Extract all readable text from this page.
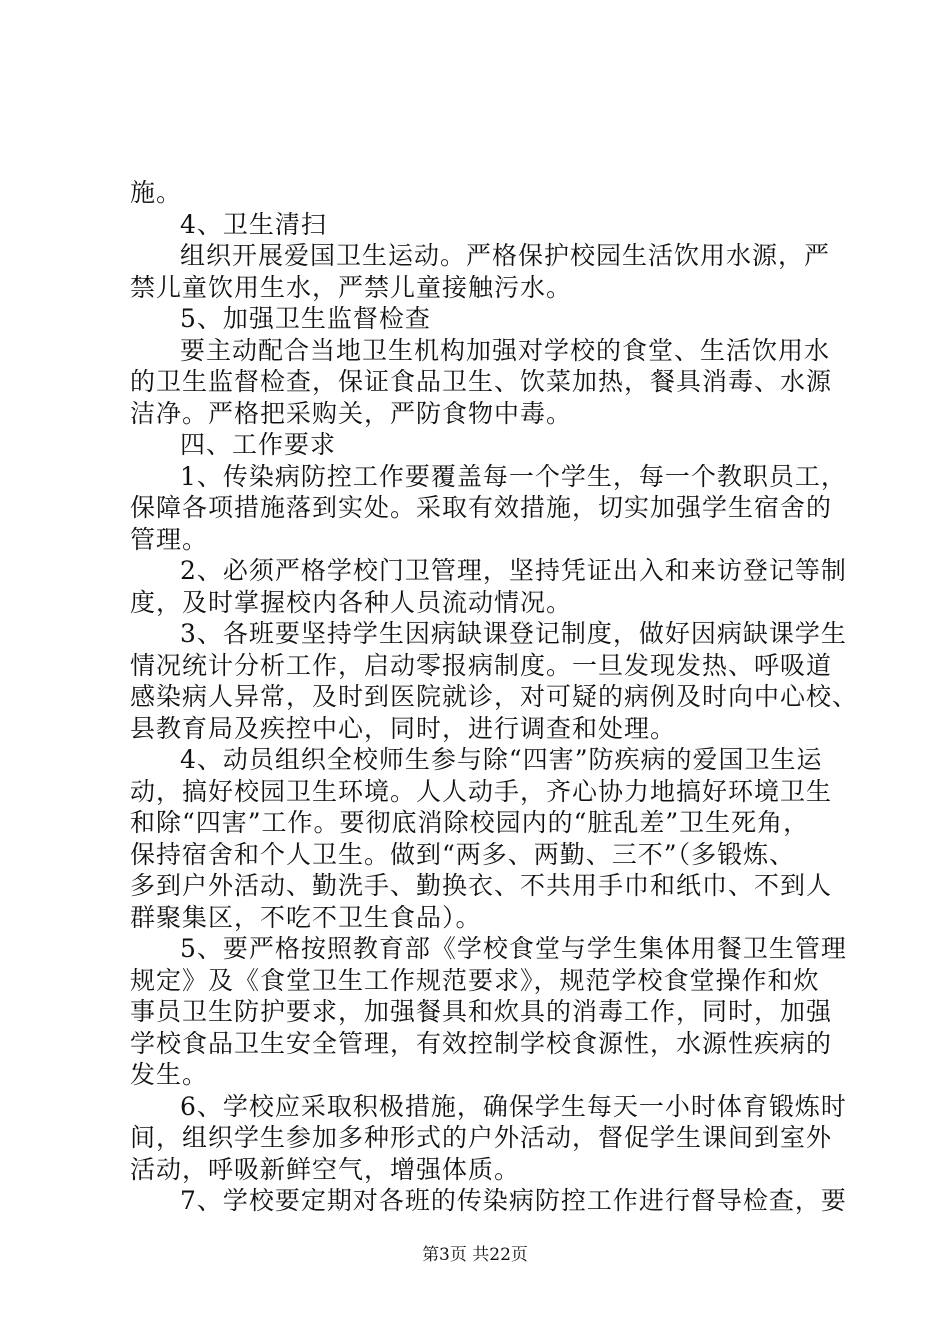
施。
4、卫生清扫
组织开展爱国卫生运动。严格保护校园生活饮用水源，严
禁儿童饮用生水，严禁儿童接触污水。
5、加强卫生监督检查
要主动配合当地卫生机构加强对学校的食堂、生活饮用水
的卫生监督检查，保证食品卫生、饮菜加热，餐具消毒、水源
洁净。严格把采购关，严防食物中毒。
四、工作要求
1、传染病防控工作要覆盖每一个学生，每一个教职员工，
保障各项措施落到实处。采取有效措施，切实加强学生宿舍的
管理。
2、必须严格学校门卫管理，坚持凭证出入和来访登记等制
度，及时掌握校内各种人员流动情况。
3、各班要坚持学生因病缺课登记制度，做好因病缺课学生
情况统计分析工作，启动零报病制度。一旦发现发热、呼吸道
感染病人异常，及时到医院就诊，对可疑的病例及时向中心校、
县教育局及疾控中心，同时，进行调查和处理。
4、动员组织全校师生参与除“四害”防疾病的爱国卫生运
动，搞好校园卫生环境。人人动手，齐心协力地搞好环境卫生
和除“四害”工作。要彻底消除校园内的“脏乱差”卫生死角，
保持宿舍和个人卫生。做到“两多、两勤、三不”（多锻炼、
多到户外活动、勤洗手、勤换衣、不共用手巾和纸巾、不到人
群聚集区，不吃不卫生食品）。
5、要严格按照教育部《学校食堂与学生集体用餐卫生管理
规定》及《食堂卫生工作规范要求》，规范学校食堂操作和炊
事员卫生防护要求，加强餐具和炊具的消毒工作，同时，加强
学校食品卫生安全管理，有效控制学校食源性，水源性疾病的
发生。
6、学校应采取积极措施，确保学生每天一小时体育锻炼时
间，组织学生参加多种形式的户外活动，督促学生课间到室外
活动，呼吸新鲜空气，增强体质。
7、学校要定期对各班的传染病防控工作进行督导检查，要
第3页 共22页
